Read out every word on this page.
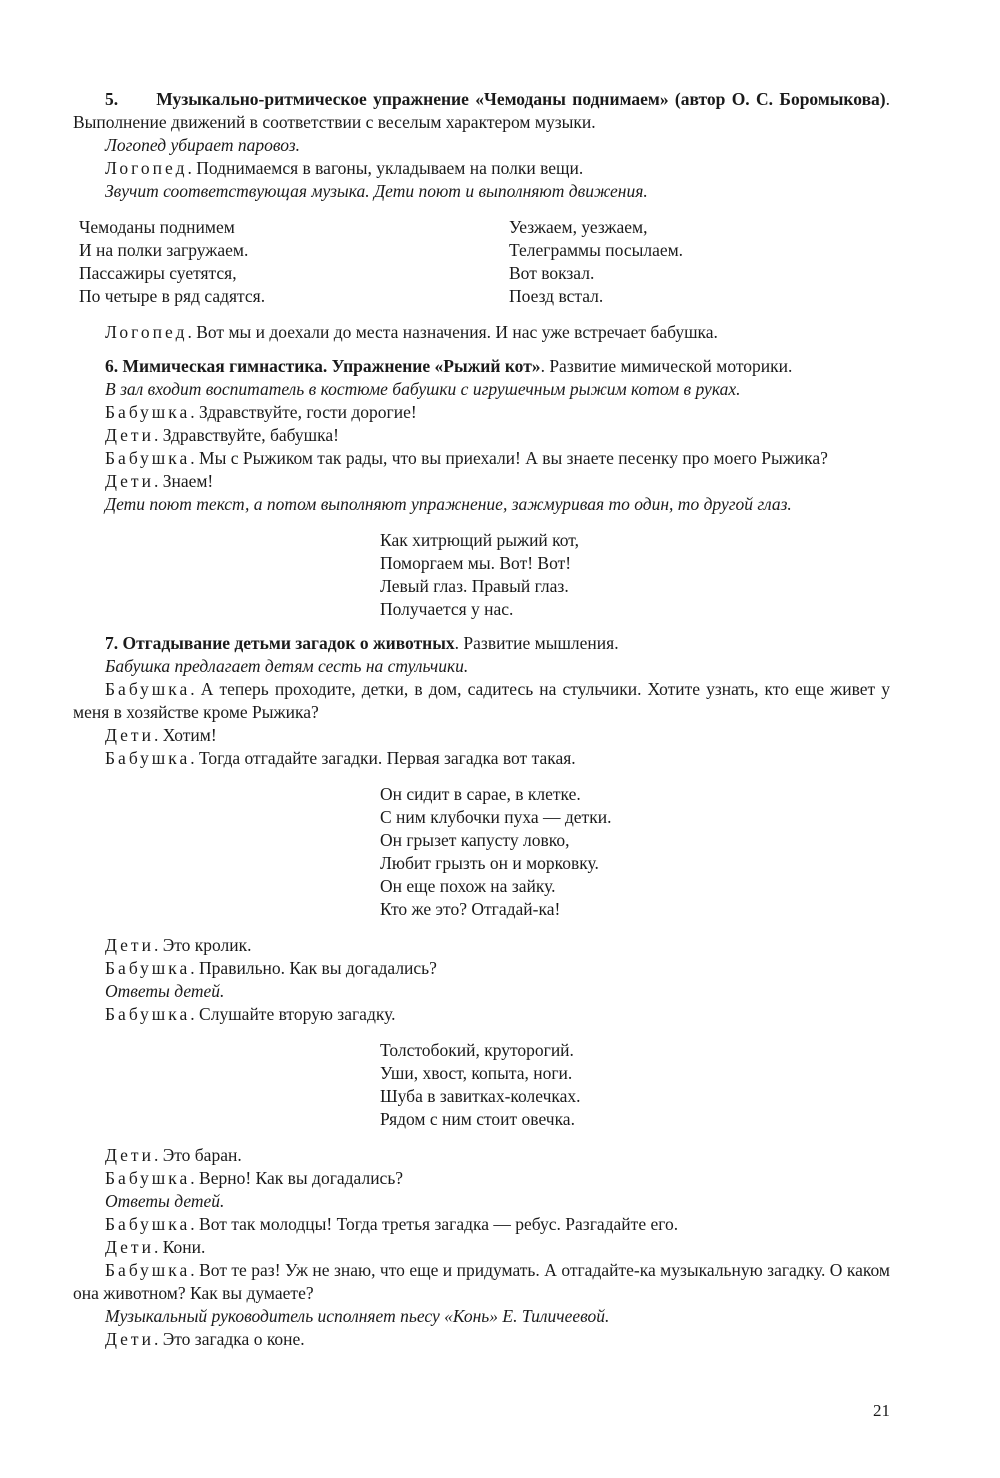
5. Музыкально-ритмическое упражнение «Чемоданы поднимаем» (автор О. С. Боромыкова). Выполнение движений в соответствии с веселым характером музыки.

Логопед убирает паровоз.

Логопед. Поднимаемся в вагоны, укладываем на полки вещи.

Звучит соответствующая музыка. Дети поют и выполняют движения.

Чемоданы поднимем

И на полки загружаем.

Пассажиры суетятся,

По четыре в ряд садятся.

Уезжаем, уезжаем,

Телеграммы посылаем.

Вот вокзал.

Поезд встал.

Логопед. Вот мы и доехали до места назначения. И нас уже встречает бабушка.

6. Мимическая гимнастика. Упражнение «Рыжий кот». Развитие мимической моторики.

В зал входит воспитатель в костюме бабушки с игрушечным рыжим котом в руках.

Бабушка. Здравствуйте, гости дорогие!

Дети. Здравствуйте, бабушка!

Бабушка. Мы с Рыжиком так рады, что вы приехали! А вы знаете песенку про моего Рыжика?

Дети. Знаем!

Дети поют текст, а потом выполняют упражнение, зажмуривая то один, то другой глаз.

Как хитрющий рыжий кот,

Поморгаем мы. Вот! Вот!

Левый глаз. Правый глаз.

Получается у нас.

7. Отгадывание детьми загадок о животных. Развитие мышления.

Бабушка предлагает детям сесть на стульчики.

Бабушка. А теперь проходите, детки, в дом, садитесь на стульчики. Хотите узнать, кто еще живет у меня в хозяйстве кроме Рыжика?

Дети. Хотим!

Бабушка. Тогда отгадайте загадки. Первая загадка вот такая.

Он сидит в сарае, в клетке.

С ним клубочки пуха — детки.

Он грызет капусту ловко,

Любит грызть он и морковку.

Он еще похож на зайку.

Кто же это? Отгадай-ка!

Дети. Это кролик.

Бабушка. Правильно. Как вы догадались?

Ответы детей.

Бабушка. Слушайте вторую загадку.

Толстобокий, круторогий.

Уши, хвост, копыта, ноги.

Шуба в завитках-колечках.

Рядом с ним стоит овечка.

Дети. Это баран.

Бабушка. Верно! Как вы догадались?

Ответы детей.

Бабушка. Вот так молодцы! Тогда третья загадка — ребус. Разгадайте его.

Дети. Кони.

Бабушка. Вот те раз! Уж не знаю, что еще и придумать. А отгадайте-ка музыкальную загадку. О каком она животном? Как вы думаете?

Музыкальный руководитель исполняет пьесу «Конь» Е. Тиличеевой.

Дети. Это загадка о коне.

21
